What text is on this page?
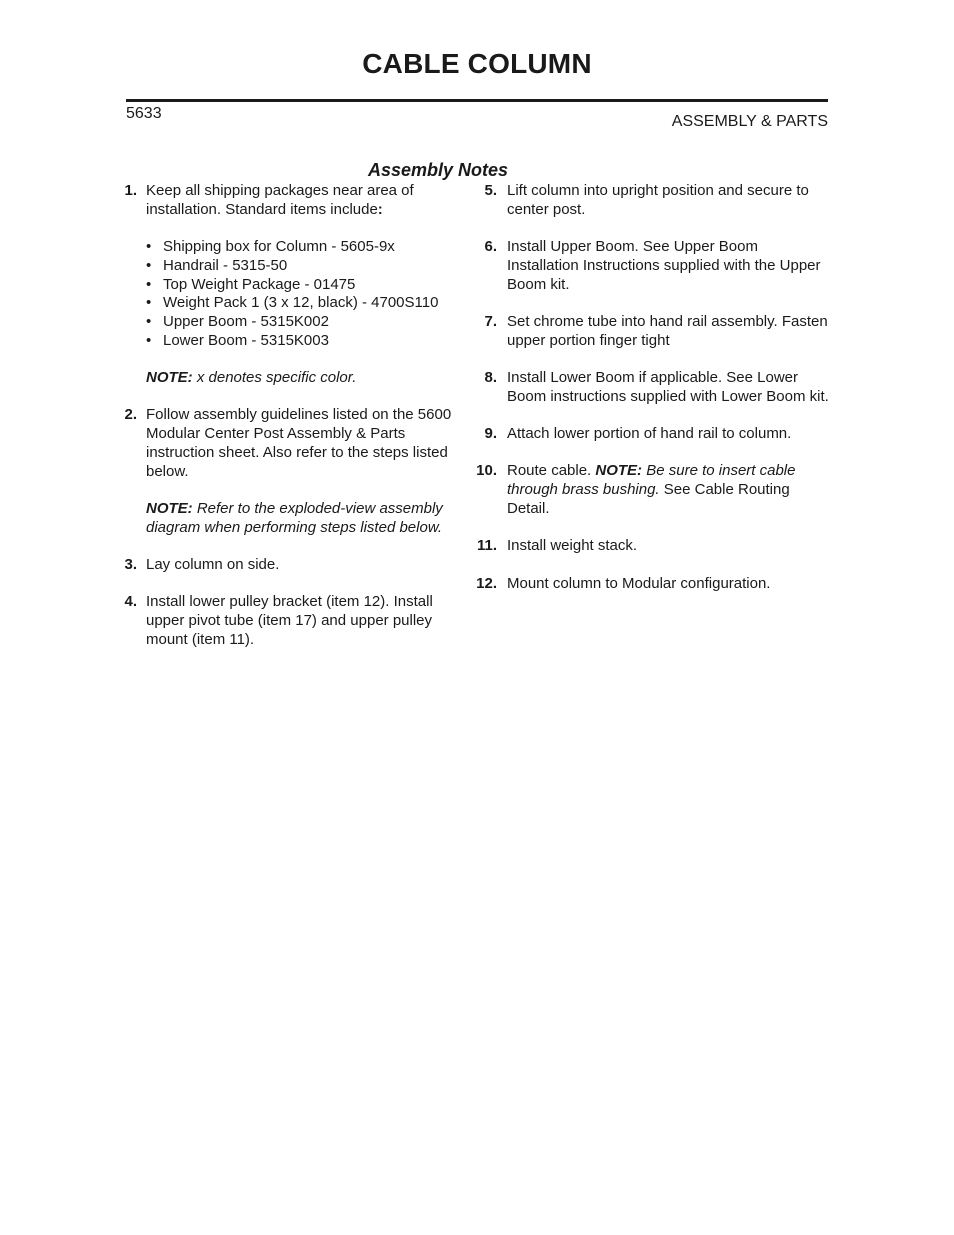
CABLE COLUMN
5633	ASSEMBLY & PARTS
Assembly Notes
1. Keep all shipping packages near area of installation. Standard items include:
• Shipping box for Column - 5605-9x
• Handrail - 5315-50
• Top Weight Package - 01475
• Weight Pack 1 (3 x 12, black) - 4700S110
• Upper Boom - 5315K002
• Lower Boom - 5315K003
NOTE: x denotes specific color.
2. Follow assembly guidelines listed on the 5600 Modular Center Post Assembly & Parts instruction sheet. Also refer to the steps listed below.
NOTE: Refer to the exploded-view assembly diagram when performing steps listed below.
3. Lay column on side.
4. Install lower pulley bracket (item 12). Install upper pivot tube (item 17) and upper pulley mount (item 11).
5. Lift column into upright position and secure to center post.
6. Install Upper Boom. See Upper Boom Installation Instructions supplied with the Upper Boom kit.
7. Set chrome tube into hand rail assembly. Fasten upper portion finger tight
8. Install Lower Boom if applicable. See Lower Boom instructions supplied with Lower Boom kit.
9. Attach lower portion of hand rail to column.
10. Route cable. NOTE: Be sure to insert cable through brass bushing. See Cable Routing Detail.
11. Install weight stack.
12. Mount column to Modular configuration.
